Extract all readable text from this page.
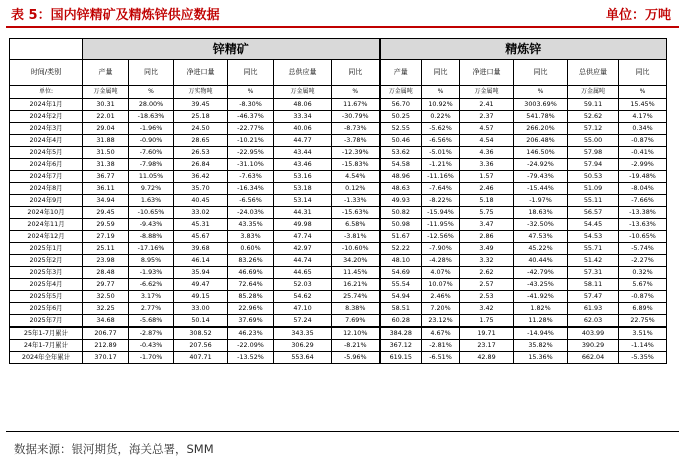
表 5：国内锌精矿及精炼锌供应数据	单位：万吨
	锌精矿						精炼锌					
时间/类别	产量	同比	净进口量	同比	总供应量	同比	产量	同比	净进口量	同比	总供应量	同比
单位:	万金属吨	%	万实物吨	%	万金属吨	%	万金属吨	%	万金属吨	%	万金属吨	%
2024年1月	30.31	28.00%	39.45	-8.30%	48.06	11.67%	56.70	10.92%	2.41	3003.69%	59.11	15.45%
2024年2月	22.01	-18.63%	25.18	-46.37%	33.34	-30.79%	50.25	0.22%	2.37	541.78%	52.62	4.17%
2024年3月	29.04	-1.96%	24.50	-22.77%	40.06	-8.73%	52.55	-5.62%	4.57	266.20%	57.12	0.34%
2024年4月	31.88	-0.90%	28.65	-10.21%	44.77	-3.78%	50.46	-6.56%	4.54	206.48%	55.00	-0.87%
2024年5月	31.50	-7.60%	26.53	-22.95%	43.44	-12.39%	53.62	-5.01%	4.36	146.50%	57.98	-0.41%
2024年6月	31.38	-7.98%	26.84	-31.10%	43.46	-15.83%	54.58	-1.21%	3.36	-24.92%	57.94	-2.99%
2024年7月	36.77	11.05%	36.42	-7.63%	53.16	4.54%	48.96	-11.16%	1.57	-79.43%	50.53	-19.48%
2024年8月	36.11	9.72%	35.70	-16.34%	53.18	0.12%	48.63	-7.64%	2.46	-15.44%	51.09	-8.04%
2024年9月	34.94	1.63%	40.45	-6.56%	53.14	-1.33%	49.93	-8.22%	5.18	-1.97%	55.11	-7.66%
2024年10月	29.45	-10.65%	33.02	-24.03%	44.31	-15.63%	50.82	-15.94%	5.75	18.63%	56.57	-13.38%
2024年11月	29.59	-9.43%	45.31	43.35%	49.98	6.58%	50.98	-11.95%	3.47	-32.50%	54.45	-13.63%
2024年12月	27.19	-8.88%	45.67	3.83%	47.74	-3.81%	51.67	-12.56%	2.86	47.53%	54.53	-10.65%
2025年1月	25.11	-17.16%	39.68	0.60%	42.97	-10.60%	52.22	-7.90%	3.49	45.22%	55.71	-5.74%
2025年2月	23.98	8.95%	46.14	83.26%	44.74	34.20%	48.10	-4.28%	3.32	40.44%	51.42	-2.27%
2025年3月	28.48	-1.93%	35.94	46.69%	44.65	11.45%	54.69	4.07%	2.62	-42.79%	57.31	0.32%
2025年4月	29.77	-6.62%	49.47	72.64%	52.03	16.21%	55.54	10.07%	2.57	-43.25%	58.11	5.67%
2025年5月	32.50	3.17%	49.15	85.28%	54.62	25.74%	54.94	2.46%	2.53	-41.92%	57.47	-0.87%
2025年6月	32.25	2.77%	33.00	22.96%	47.10	8.38%	58.51	7.20%	3.42	1.82%	61.93	6.89%
2025年7月	34.68	-5.68%	50.14	37.69%	57.24	7.69%	60.28	23.12%	1.75	11.28%	62.03	22.75%
25年1-7月累计	206.77	-2.87%	308.52	46.23%	343.35	12.10%	384.28	4.67%	19.71	-14.94%	403.99	3.51%
24年1-7月累计	212.89	-0.43%	207.56	-22.09%	306.29	-8.21%	367.12	-2.81%	23.17	35.82%	390.29	-1.14%
2024年全年累计	370.17	-1.70%	407.71	-13.52%	553.64	-5.96%	619.15	-6.51%	42.89	15.36%	662.04	-5.35%
数据来源：银河期货，海关总署，SMM
